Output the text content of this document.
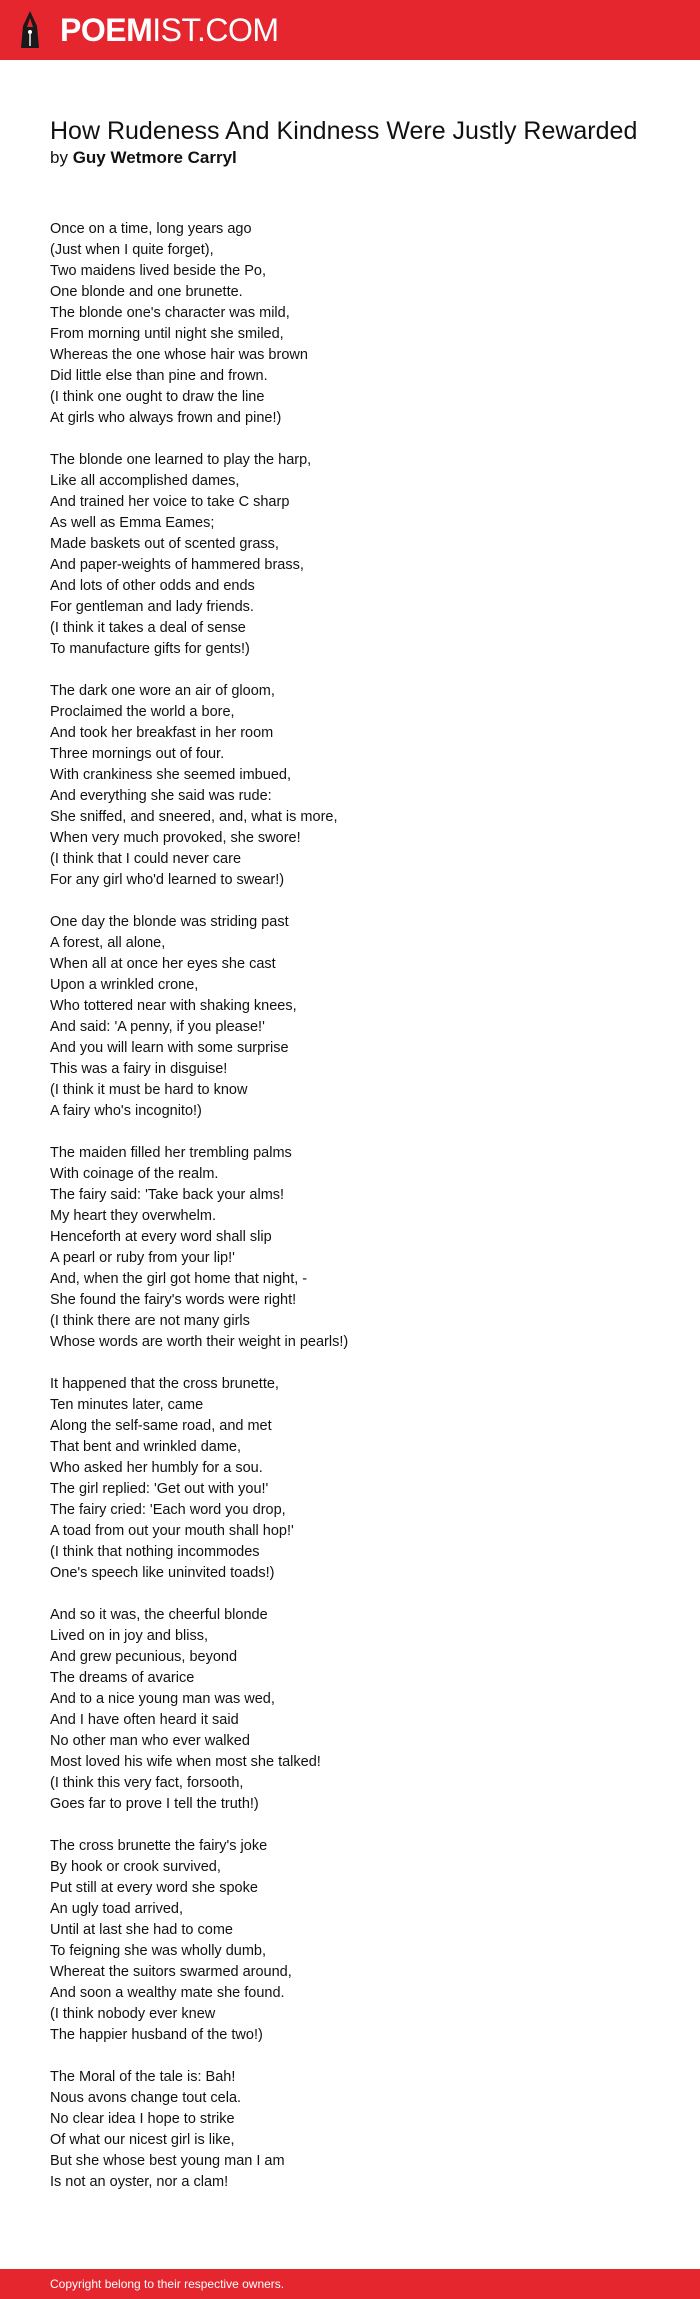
POEMIST.COM
How Rudeness And Kindness Were Justly Rewarded
by Guy Wetmore Carryl
Once on a time, long years ago
(Just when I quite forget),
Two maidens lived beside the Po,
One blonde and one brunette.
The blonde one's character was mild,
From morning until night she smiled,
Whereas the one whose hair was brown
Did little else than pine and frown.
(I think one ought to draw the line
At girls who always frown and pine!)
The blonde one learned to play the harp,
Like all accomplished dames,
And trained her voice to take C sharp
As well as Emma Eames;
Made baskets out of scented grass,
And paper-weights of hammered brass,
And lots of other odds and ends
For gentleman and lady friends.
(I think it takes a deal of sense
To manufacture gifts for gents!)
The dark one wore an air of gloom,
Proclaimed the world a bore,
And took her breakfast in her room
Three mornings out of four.
With crankiness she seemed imbued,
And everything she said was rude:
She sniffed, and sneered, and, what is more,
When very much provoked, she swore!
(I think that I could never care
For any girl who'd learned to swear!)
One day the blonde was striding past
A forest, all alone,
When all at once her eyes she cast
Upon a wrinkled crone,
Who tottered near with shaking knees,
And said: 'A penny, if you please!'
And you will learn with some surprise
This was a fairy in disguise!
(I think it must be hard to know
A fairy who's incognito!)
The maiden filled her trembling palms
With coinage of the realm.
The fairy said: 'Take back your alms!
My heart they overwhelm.
Henceforth at every word shall slip
A pearl or ruby from your lip!'
And, when the girl got home that night, -
She found the fairy's words were right!
(I think there are not many girls
Whose words are worth their weight in pearls!)
It happened that the cross brunette,
Ten minutes later, came
Along the self-same road, and met
That bent and wrinkled dame,
Who asked her humbly for a sou.
The girl replied: 'Get out with you!'
The fairy cried: 'Each word you drop,
A toad from out your mouth shall hop!'
(I think that nothing incommodes
One's speech like uninvited toads!)
And so it was, the cheerful blonde
Lived on in joy and bliss,
And grew pecunious, beyond
The dreams of avarice
And to a nice young man was wed,
And I have often heard it said
No other man who ever walked
Most loved his wife when most she talked!
(I think this very fact, forsooth,
Goes far to prove I tell the truth!)
The cross brunette the fairy's joke
By hook or crook survived,
Put still at every word she spoke
An ugly toad arrived,
Until at last she had to come
To feigning she was wholly dumb,
Whereat the suitors swarmed around,
And soon a wealthy mate she found.
(I think nobody ever knew
The happier husband of the two!)
The Moral of the tale is: Bah!
Nous avons change tout cela.
No clear idea I hope to strike
Of what our nicest girl is like,
But she whose best young man I am
Is not an oyster, nor a clam!
Copyright belong to their respective owners.
